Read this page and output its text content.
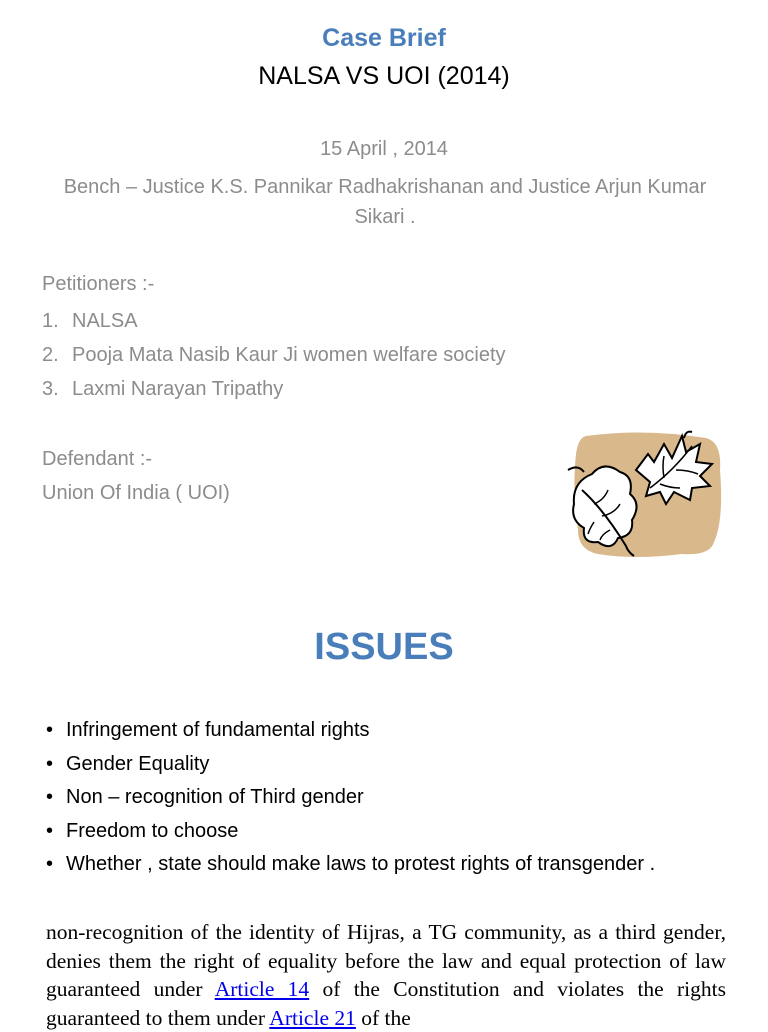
Case Brief
NALSA VS UOI (2014)
15 April , 2014
Bench – Justice K.S. Pannikar Radhakrishanan and Justice Arjun Kumar Sikari .
Petitioners :-
1. NALSA
2. Pooja Mata Nasib Kaur Ji women welfare society
3. Laxmi Narayan Tripathy
Defendant :-
Union Of India ( UOI)
ISSUES
• Infringement of fundamental rights
• Gender Equality
• Non – recognition of Third gender
• Freedom to choose
• Whether , state should make laws to protest rights of transgender .
non-recognition of the identity of Hijras, a TG community, as a third gender, denies them the right of equality before the law and equal protection of law guaranteed under Article 14 of the Constitution and violates the rights guaranteed to them under Article 21 of the
